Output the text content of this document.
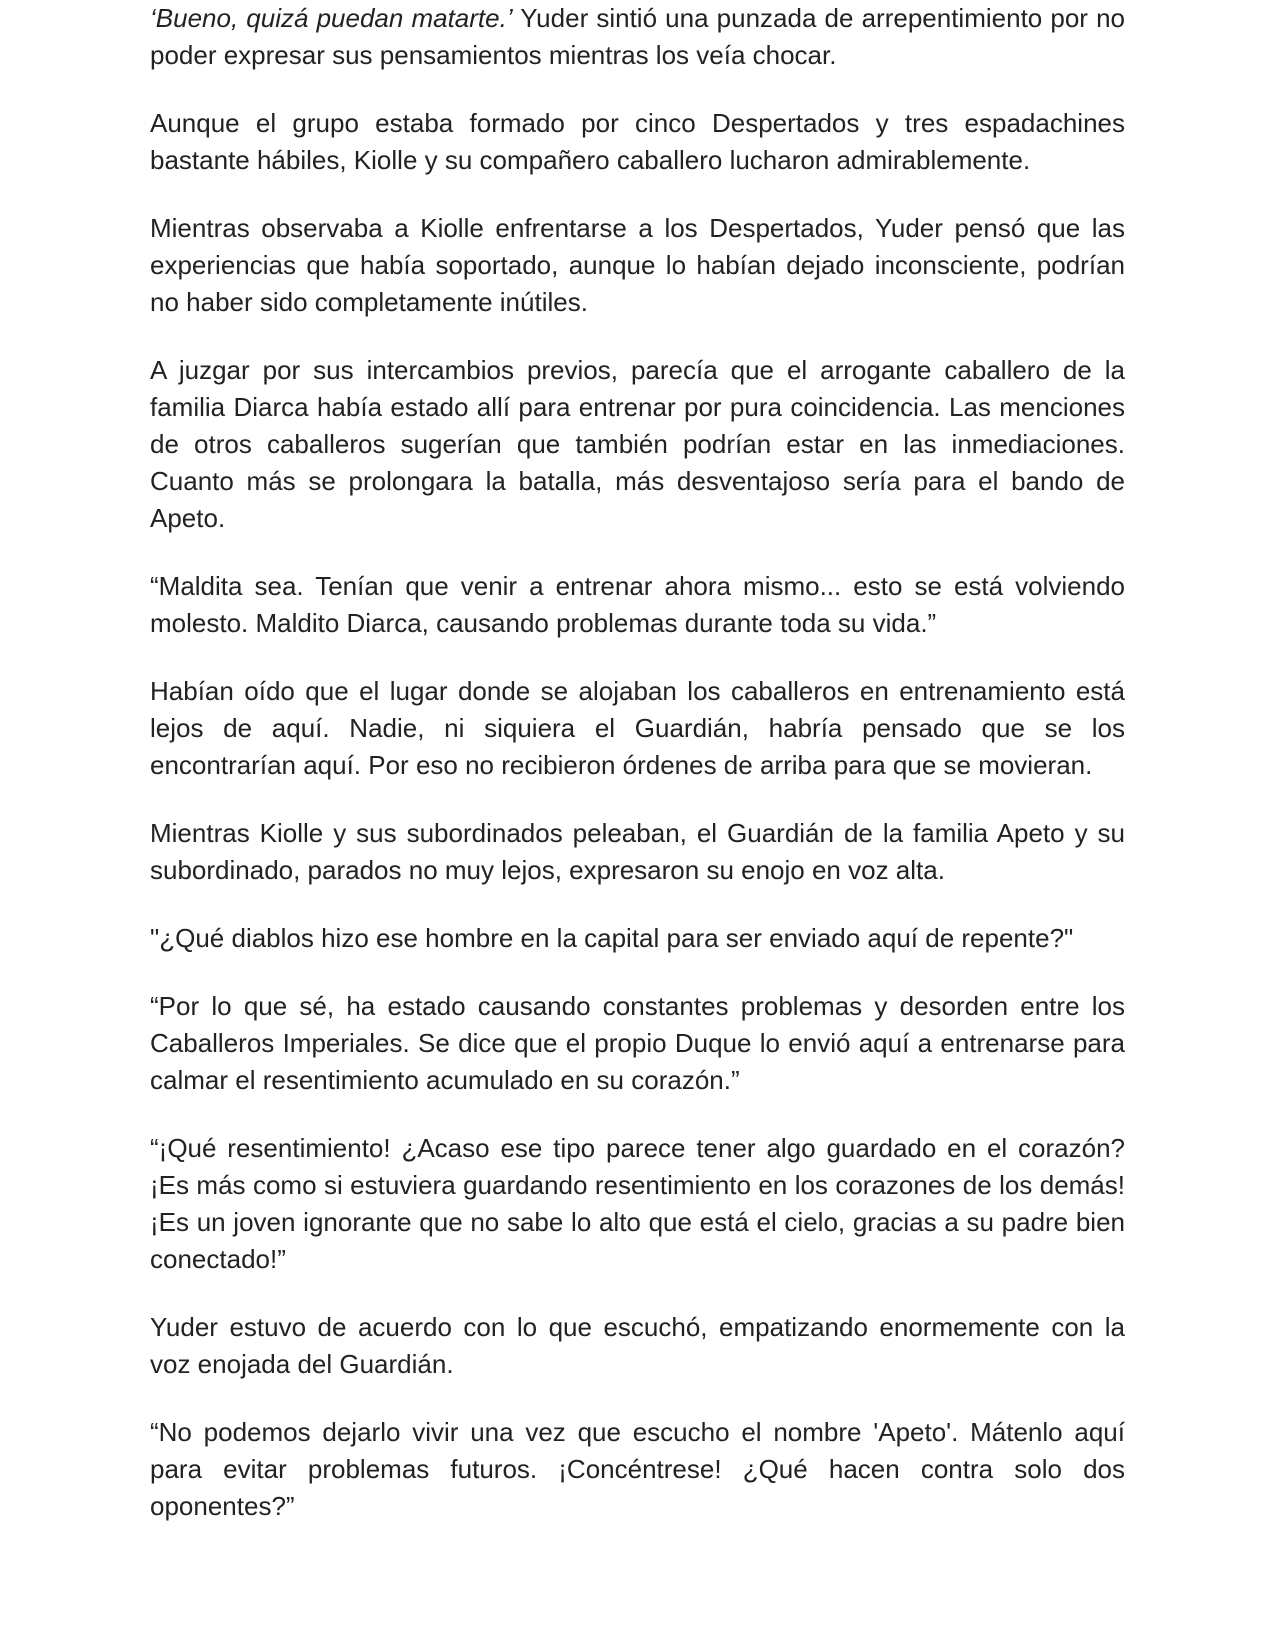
‘Bueno, quizá puedan matarte.’ Yuder sintió una punzada de arrepentimiento por no poder expresar sus pensamientos mientras los veía chocar.

Aunque el grupo estaba formado por cinco Despertados y tres espadachines bastante hábiles, Kiolle y su compañero caballero lucharon admirablemente.

Mientras observaba a Kiolle enfrentarse a los Despertados, Yuder pensó que las experiencias que había soportado, aunque lo habían dejado inconsciente, podrían no haber sido completamente inútiles.

A juzgar por sus intercambios previos, parecía que el arrogante caballero de la familia Diarca había estado allí para entrenar por pura coincidencia. Las menciones de otros caballeros sugerían que también podrían estar en las inmediaciones. Cuanto más se prolongara la batalla, más desventajoso sería para el bando de Apeto.

“Maldita sea. Tenían que venir a entrenar ahora mismo... esto se está volviendo molesto. Maldito Diarca, causando problemas durante toda su vida.”

Habían oído que el lugar donde se alojaban los caballeros en entrenamiento está lejos de aquí. Nadie, ni siquiera el Guardián, habría pensado que se los encontrarían aquí. Por eso no recibieron órdenes de arriba para que se movieran.

Mientras Kiolle y sus subordinados peleaban, el Guardián de la familia Apeto y su subordinado, parados no muy lejos, expresaron su enojo en voz alta.

"¿Qué diablos hizo ese hombre en la capital para ser enviado aquí de repente?"

“Por lo que sé, ha estado causando constantes problemas y desorden entre los Caballeros Imperiales. Se dice que el propio Duque lo envió aquí a entrenarse para calmar el resentimiento acumulado en su corazón.”

“¡Qué resentimiento! ¿Acaso ese tipo parece tener algo guardado en el corazón? ¡Es más como si estuviera guardando resentimiento en los corazones de los demás! ¡Es un joven ignorante que no sabe lo alto que está el cielo, gracias a su padre bien conectado!”

Yuder estuvo de acuerdo con lo que escuchó, empatizando enormemente con la voz enojada del Guardián.

“No podemos dejarlo vivir una vez que escucho el nombre 'Apeto'. Mátenlo aquí para evitar problemas futuros. ¡Concéntrese! ¿Qué hacen contra solo dos oponentes?”
